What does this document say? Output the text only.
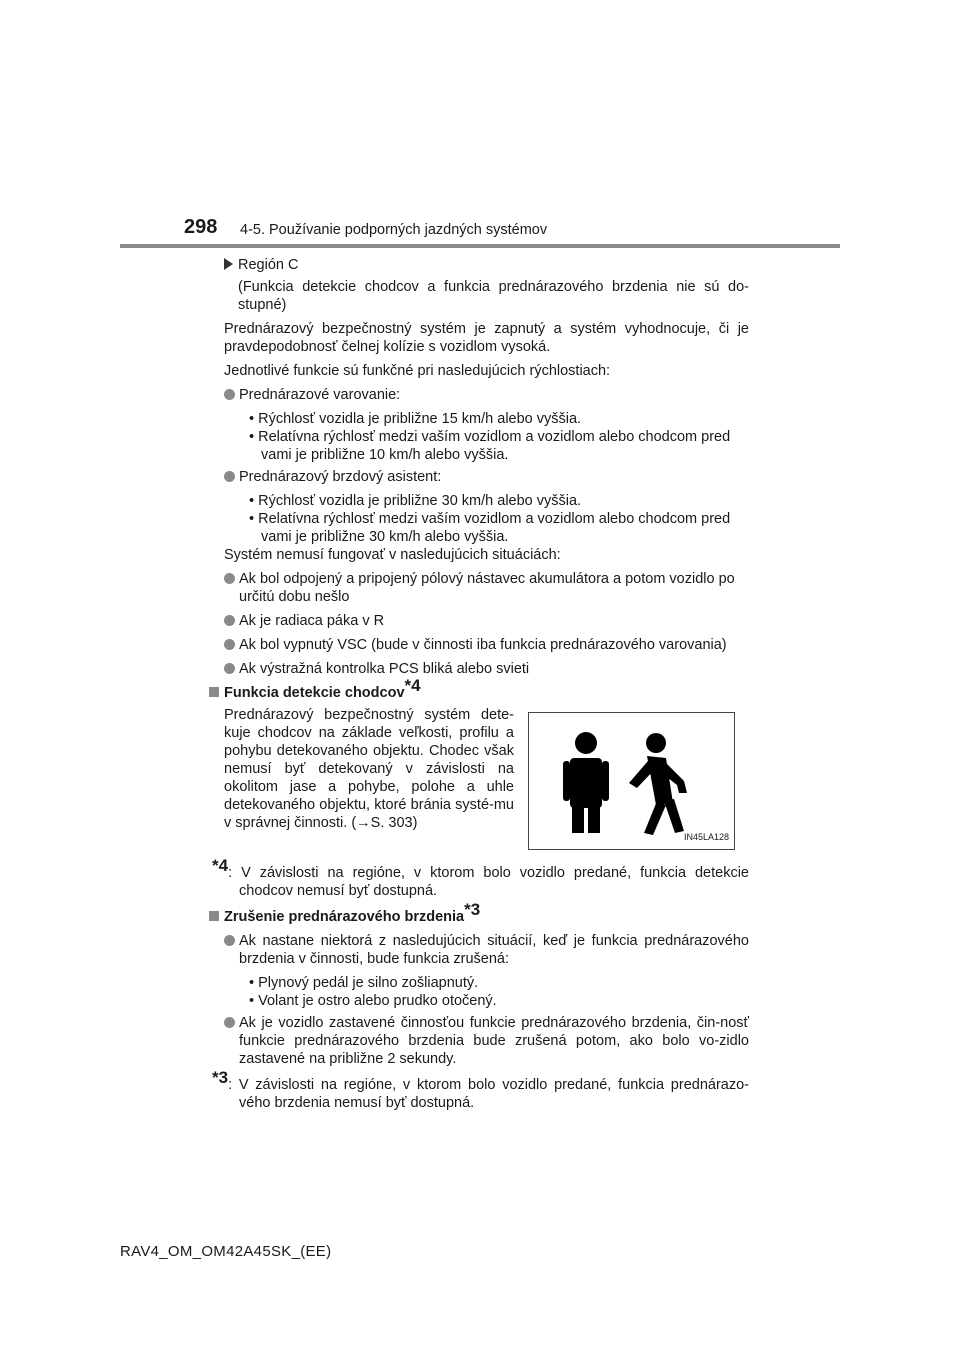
298 4-5. Používanie podporných jazdných systémov

Región C

(Funkcia detekcie chodcov a funkcia prednárazového brzdenia nie sú do-stupné)

Prednárazový bezpečnostný systém je zapnutý a systém vyhodnocuje, či je pravdepodobnosť čelnej kolízie s vozidlom vysoká.

Jednotlivé funkcie sú funkčné pri nasledujúcich rýchlostiach:

Prednárazové varovanie:

• Rýchlosť vozidla je približne 15 km/h alebo vyššia.

• Relatívna rýchlosť medzi vaším vozidlom a vozidlom alebo chodcom pred vami je približne 10 km/h alebo vyššia.

Prednárazový brzdový asistent:

• Rýchlosť vozidla je približne 30 km/h alebo vyššia.

• Relatívna rýchlosť medzi vaším vozidlom a vozidlom alebo chodcom pred vami je približne 30 km/h alebo vyššia.

Systém nemusí fungovať v nasledujúcich situáciách:

Ak bol odpojený a pripojený pólový nástavec akumulátora a potom vozidlo po určitú dobu nešlo

Ak je radiaca páka v R

Ak bol vypnutý VSC (bude v činnosti iba funkcia prednárazového varovania)

Ak výstražná kontrolka PCS bliká alebo svieti

Funkcia detekcie chodcov$^{*4}$

Prednárazový bezpečnostný systém dete-kuje chodcov na základe veľkosti, profilu a pohybu detekovaného objektu. Chodec však nemusí byť detekovaný v závislosti na okolitom jase a pohybe, polohe a uhle detekovaného objektu, ktoré bránia systé-mu v správnej činnosti. (→S. 303)

IN45LA128

$^{*4}$: V závislosti na regióne, v ktorom bolo vozidlo predané, funkcia detekcie chodcov nemusí byť dostupná.

Zrušenie prednárazového brzdenia$^{*3}$

Ak nastane niektorá z nasledujúcich situácií, keď je funkcia prednárazového brzdenia v činnosti, bude funkcia zrušená:

• Plynový pedál je silno zošliapnutý.

• Volant je ostro alebo prudko otočený.

Ak je vozidlo zastavené činnosťou funkcie prednárazového brzdenia, čin-nosť funkcie prednárazového brzdenia bude zrušená potom, ako bolo vo-zidlo zastavené na približne 2 sekundy.

$^{*3}$: V závislosti na regióne, v ktorom bolo vozidlo predané, funkcia prednárazo-vého brzdenia nemusí byť dostupná.

RAV4_OM_OM42A45SK_(EE)
